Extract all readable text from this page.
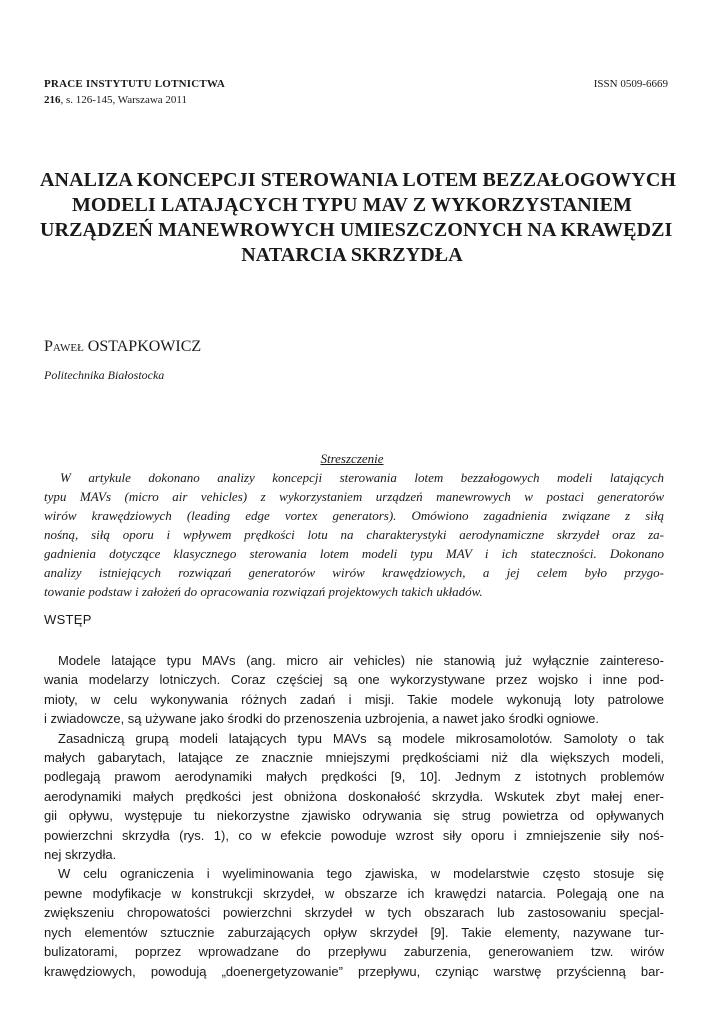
PRACE INSTYTUTU LOTNICTWA
216, s. 126-145, Warszawa 2011
ISSN 0509-6669
ANALIZA KONCEPCJI STEROWANIA LOTEM BEZZAŁOGOWYCH
MODELI LATAJĄCYCH TYPU MAV Z WYKORZYSTANIEM
URZĄDZEŃ MANEWROWYCH UMIESZCZONYCH NA KRAWĘDZI
NATARCIA SKRZYDŁA
Paweł OSTAPKOWICZ
Politechnika Białostocka
Streszczenie
W artykule dokonano analizy koncepcji sterowania lotem bezzałogowych modeli latających
typu MAVs (micro air vehicles) z wykorzystaniem urządzeń manewrowych w postaci generatorów
wirów krawędziowych (leading edge vortex generators). Omówiono zagadnienia związane z siłą
nośną, siłą oporu i wpływem prędkości lotu na charakterystyki aerodynamiczne skrzydeł oraz za-
gadnienia dotyczące klasycznego sterowania lotem modeli typu MAV i ich stateczności. Dokonano
analizy istniejących rozwiązań generatorów wirów krawędziowych, a jej celem było przygo-
towanie podstaw i założeń do opracowania rozwiązań projektowych takich układów.
WSTĘP
Modele latające typu MAVs (ang. micro air vehicles) nie stanowią już wyłącznie zaintereso-
wania modelarzy lotniczych. Coraz częściej są one wykorzystywane przez wojsko i inne pod-
mioty, w celu wykonywania różnych zadań i misji. Takie modele wykonują loty patrolowe
i zwiadowcze, są używane jako środki do przenoszenia uzbrojenia, a nawet jako środki ogniowe.
Zasadniczą grupą modeli latających typu MAVs są modele mikrosamolotów. Samoloty o tak
małych gabarytach, latające ze znacznie mniejszymi prędkościami niż dla większych modeli,
podlegają prawom aerodynamiki małych prędkości [9, 10]. Jednym z istotnych problemów
aerodynamiki małych prędkości jest obniżona doskonałość skrzydła. Wskutek zbyt małej ener-
gii opływu, występuje tu niekorzystne zjawisko odrywania się strug powietrza od opływanych
powierzchni skrzydła (rys. 1), co w efekcie powoduje wzrost siły oporu i zmniejszenie siły noś-
nej skrzydła.
W celu ograniczenia i wyeliminowania tego zjawiska, w modelarstwie często stosuje się
pewne modyfikacje w konstrukcji skrzydeł, w obszarze ich krawędzi natarcia. Polegają one na
zwiększeniu chropowatości powierzchni skrzydeł w tych obszarach lub zastosowaniu specjal-
nych elementów sztucznie zaburzających opływ skrzydeł [9]. Takie elementy, nazywane tur-
bulizatorami, poprzez wprowadzane do przepływu zaburzenia, generowaniem tzw. wirów
krawędziowych, powodują „doenergetyzowanie” przepływu, czyniąc warstwę przyścienną bar-
